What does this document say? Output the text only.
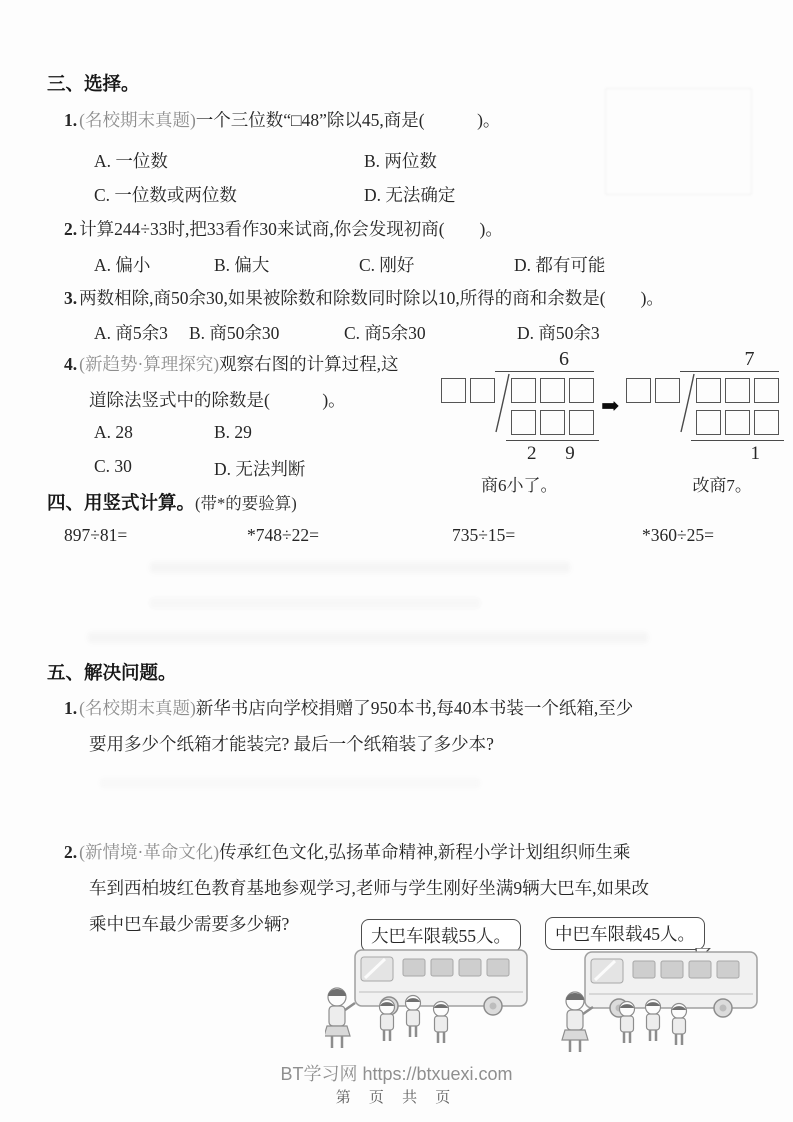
三、选择。
1. (名校期末真题)一个三位数“□48”除以45,商是(　　　)。
A. 一位数	B. 两位数
C. 一位数或两位数	D. 无法确定
2. 计算244÷33时,把33看作30来试商,你会发现初商(　　)。
A. 偏小	B. 偏大	C. 刚好	D. 都有可能
3. 两数相除,商50余30,如果被除数和除数同时除以10,所得的商和余数是(　　)。
A. 商5余3 B. 商50余30	C. 商5余30	D. 商50余3
4. (新趋势·算理探究)观察右图的计算过程,这
道除法竖式中的除数是(　　　)。
A. 28	B. 29
C. 30	D. 无法判断
6
2 9
商6小了。
➡
7
1
改商7。
四、用竖式计算。(带*的要验算)
897÷81=	*748÷22=	735÷15=	*360÷25=
五、解决问题。
1. (名校期末真题)新华书店向学校捐赠了950本书,每40本书装一个纸箱,至少
要用多少个纸箱才能装完? 最后一个纸箱装了多少本?
2. (新情境·革命文化)传承红色文化,弘扬革命精神,新程小学计划组织师生乘
车到西柏坡红色教育基地参观学习,老师与学生刚好坐满9辆大巴车,如果改
乘中巴车最少需要多少辆?
大巴车限载55人。	中巴车限载45人。
BT学习网 https://btxuexi.com
第 页 共 页
